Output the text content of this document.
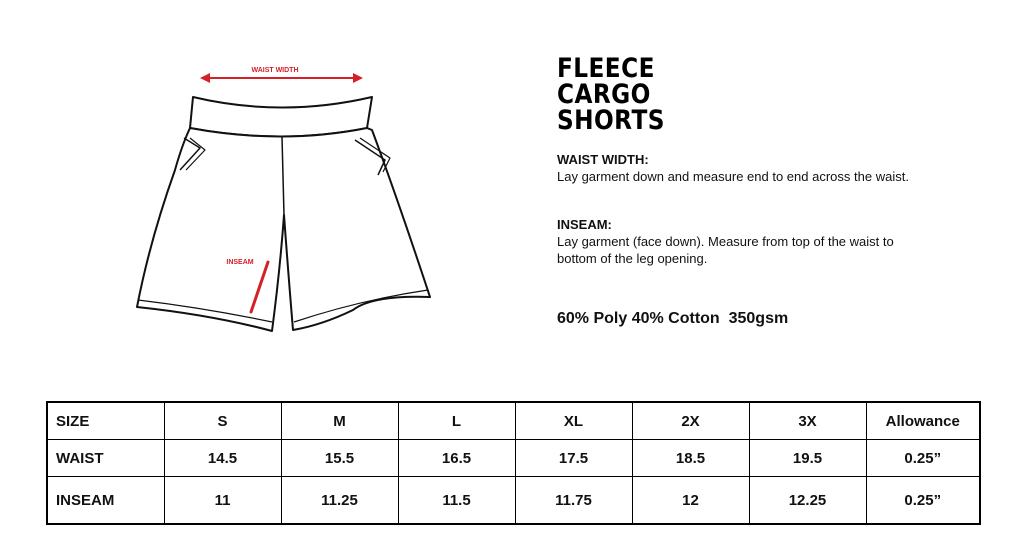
WAIST WIDTH
INSEAM
FLEECE
CARGO
SHORTS
WAIST WIDTH:
Lay garment down and measure end to end across the waist.
INSEAM:
Lay garment (face down). Measure from top of the waist to bottom of the leg opening.
60% Poly 40% Cotton  350gsm
SIZE	S	M	L	XL	2X	3X	Allowance
WAIST	14.5	15.5	16.5	17.5	18.5	19.5	0.25”
INSEAM	11	11.25	11.5	11.75	12	12.25	0.25”
